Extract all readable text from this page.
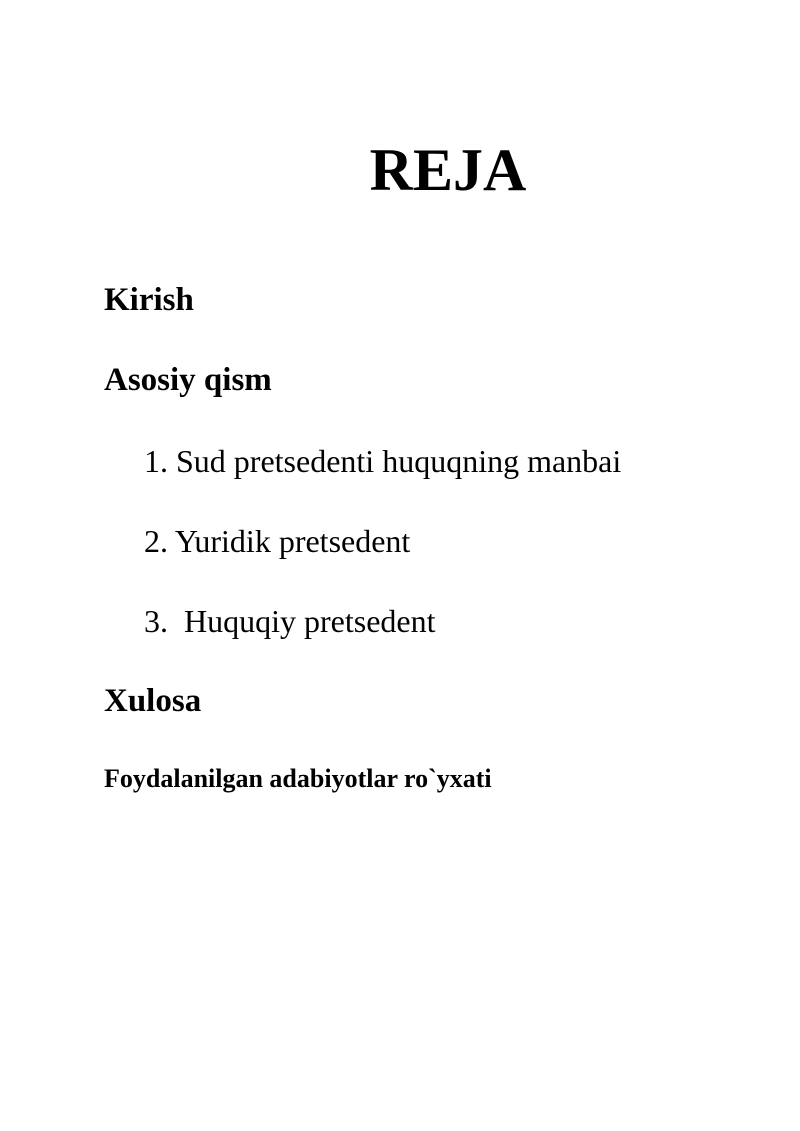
REJA
Kirish
Asosiy qism

1. Sud pretsedenti huquqning manbai

2. Yuridik pretsedent

3. Huquqiy pretsedent

Xulosa
Foydalanilgan adabiyotlar ro`yxati
